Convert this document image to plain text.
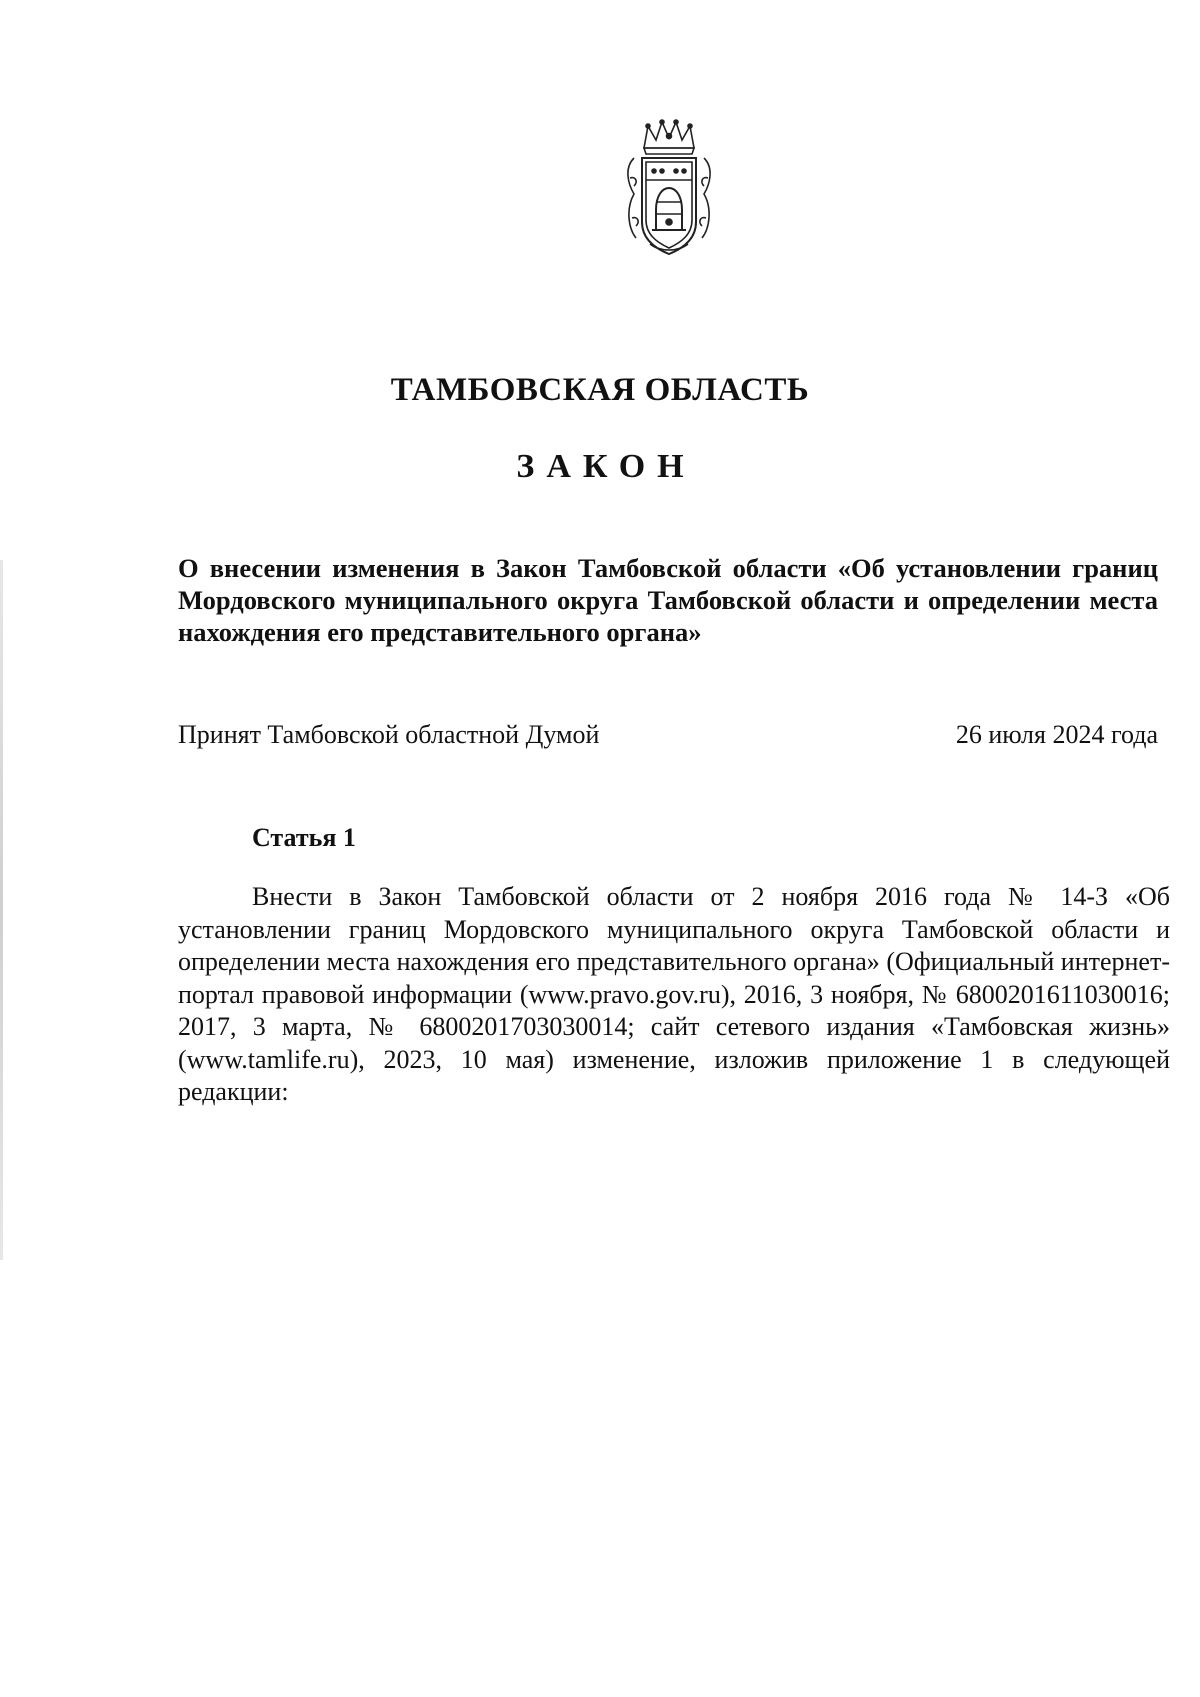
ТАМБОВСКАЯ ОБЛАСТЬ
ЗАКОН
О внесении изменения в Закон Тамбовской области «Об установлении границ Мордовского муниципального округа Тамбовской области и определении места нахождения его представительного органа»
Принят Тамбовской областной Думой	26 июля 2024 года
Статья 1
Внести в Закон Тамбовской области от 2 ноября 2016 года № 14-З «Об установлении границ Мордовского муниципального округа Тамбовской области и определении места нахождения его представительного органа» (Официальный интернет-портал правовой информации (www.pravo.gov.ru), 2016, 3 ноября, № 6800201611030016; 2017, 3 марта, № 6800201703030014; сайт сетевого издания «Тамбовская жизнь» (www.tamlife.ru), 2023, 10 мая) изменение, изложив приложение 1 в следующей редакции:
